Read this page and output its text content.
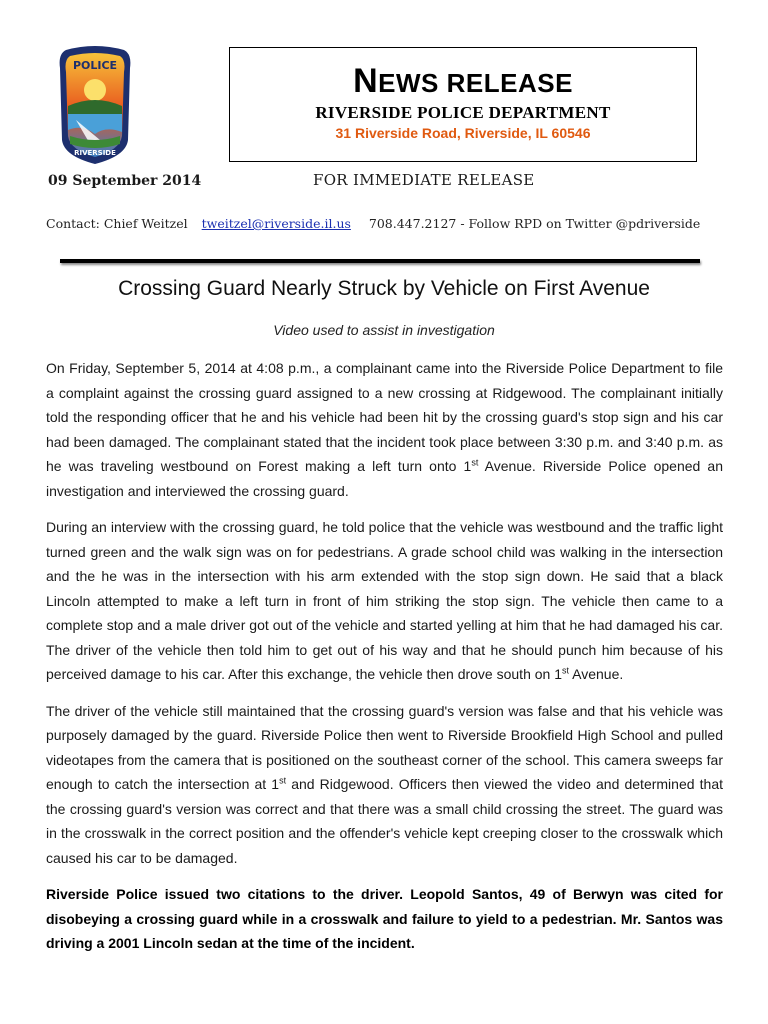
POLICE
RIVERSIDE
NEWS RELEASE
RIVERSIDE POLICE DEPARTMENT
31 Riverside Road, Riverside, IL 60546
09 September 2014	FOR IMMEDIATE RELEASE
Contact: Chief Weitzel tweitzel@riverside.il.us 708.447.2127 - Follow RPD on Twitter @pdriverside
Crossing Guard Nearly Struck by Vehicle on First Avenue
Video used to assist in investigation

On Friday, September 5, 2014 at 4:08 p.m., a complainant came into the Riverside Police Department to file a complaint against the crossing guard assigned to a new crossing at Ridgewood. The complainant initially told the responding officer that he and his vehicle had been hit by the crossing guard's stop sign and his car had been damaged. The complainant stated that the incident took place between 3:30 p.m. and 3:40 p.m. as he was traveling westbound on Forest making a left turn onto 1st Avenue. Riverside Police opened an investigation and interviewed the crossing guard.

During an interview with the crossing guard, he told police that the vehicle was westbound and the traffic light turned green and the walk sign was on for pedestrians. A grade school child was walking in the intersection and the he was in the intersection with his arm extended with the stop sign down. He said that a black Lincoln attempted to make a left turn in front of him striking the stop sign. The vehicle then came to a complete stop and a male driver got out of the vehicle and started yelling at him that he had damaged his car. The driver of the vehicle then told him to get out of his way and that he should punch him because of his perceived damage to his car. After this exchange, the vehicle then drove south on 1st Avenue.

The driver of the vehicle still maintained that the crossing guard's version was false and that his vehicle was purposely damaged by the guard. Riverside Police then went to Riverside Brookfield High School and pulled videotapes from the camera that is positioned on the southeast corner of the school. This camera sweeps far enough to catch the intersection at 1st and Ridgewood. Officers then viewed the video and determined that the crossing guard's version was correct and that there was a small child crossing the street. The guard was in the crosswalk in the correct position and the offender's vehicle kept creeping closer to the crosswalk which caused his car to be damaged.

Riverside Police issued two citations to the driver. Leopold Santos, 49 of Berwyn was cited for disobeying a crossing guard while in a crosswalk and failure to yield to a pedestrian. Mr. Santos was driving a 2001 Lincoln sedan at the time of the incident.
